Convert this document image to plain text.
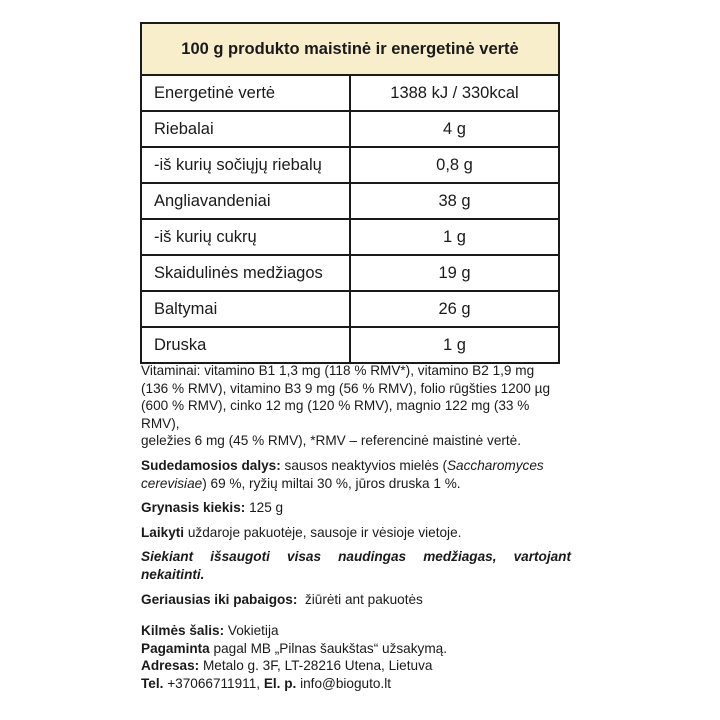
100 g produkto maistinė ir energetinė vertė	
Energetinė vertė	1388 kJ / 330kcal
Riebalai	4 g
-iš kurių sočiųjų riebalų	0,8 g
Angliavandeniai	38 g
-iš kurių cukrų	1 g
Skaidulinės medžiagos	19 g
Baltymai	26 g
Druska	1 g

Vitaminai: vitamino B1 1,3 mg (118 % RMV*), vitamino B2 1,9 mg
(136 % RMV), vitamino B3 9 mg (56 % RMV), folio rūgšties 1200 µg
(600 % RMV), cinko 12 mg (120 % RMV), magnio 122 mg (33 % RMV),
geležies 6 mg (45 % RMV), *RMV – referencinė maistinė vertė.

Sudedamosios dalys: sausos neaktyvios mielės (Saccharomyces
cerevisiae) 69 %, ryžių miltai 30 %, jūros druska 1 %.

Grynasis kiekis: 125 g

Laikyti uždaroje pakuotėje, sausoje ir vėsioje vietoje.

Siekiant išsaugoti visas naudingas medžiagas, vartojant nekaitinti.

Geriausias iki pabaigos:  žiūrėti ant pakuotės

Kilmės šalis: Vokietija

Pagaminta pagal MB „Pilnas šaukštas“ užsakymą.

Adresas: Metalo g. 3F, LT-28216 Utena, Lietuva

Tel. +37066711911, El. p. info@bioguto.lt
